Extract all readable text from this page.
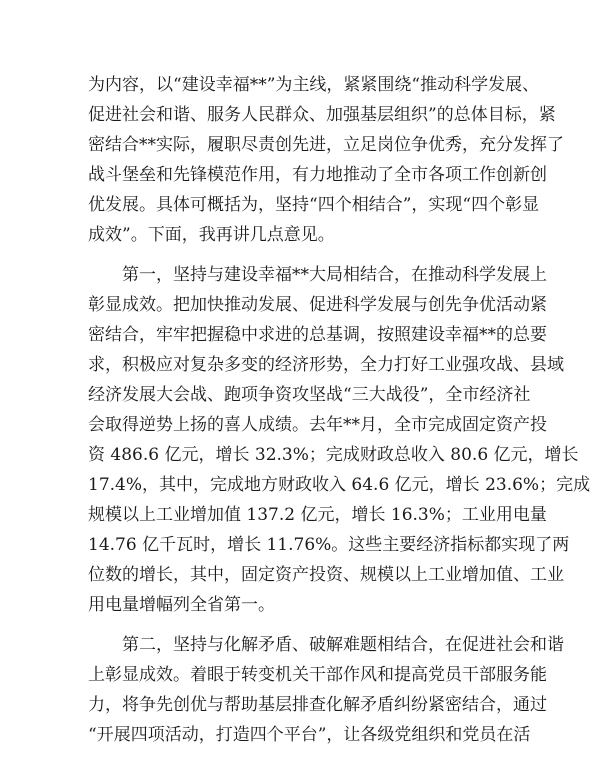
为内容，以“建设幸福**”为主线，紧紧围绕“推动科学发展、
促进社会和谐、服务人民群众、加强基层组织”的总体目标，紧
密结合**实际，履职尽责创先进，立足岗位争优秀，充分发挥了
战斗堡垒和先锋模范作用，有力地推动了全市各项工作创新创
优发展。具体可概括为，坚持“四个相结合”，实现“四个彰显
成效”。下面，我再讲几点意见。
　　第一，坚持与建设幸福**大局相结合，在推动科学发展上
彰显成效。把加快推动发展、促进科学发展与创先争优活动紧
密结合，牢牢把握稳中求进的总基调，按照建设幸福**的总要
求，积极应对复杂多变的经济形势，全力打好工业强攻战、县域
经济发展大会战、跑项争资攻坚战“三大战役”，全市经济社
会取得逆势上扬的喜人成绩。去年**月，全市完成固定资产投
资 486.6 亿元，增长 32.3%；完成财政总收入 80.6 亿元，增长
17.4%，其中，完成地方财政收入 64.6 亿元，增长 23.6%；完成
规模以上工业增加值 137.2 亿元，增长 16.3%；工业用电量
14.76 亿千瓦时，增长 11.76%。这些主要经济指标都实现了两
位数的增长，其中，固定资产投资、规模以上工业增加值、工业
用电量增幅列全省第一。
　　第二，坚持与化解矛盾、破解难题相结合，在促进社会和谐
上彰显成效。着眼于转变机关干部作风和提高党员干部服务能
力，将争先创优与帮助基层排查化解矛盾纠纷紧密结合，通过
“开展四项活动，打造四个平台”，让各级党组织和党员在活
